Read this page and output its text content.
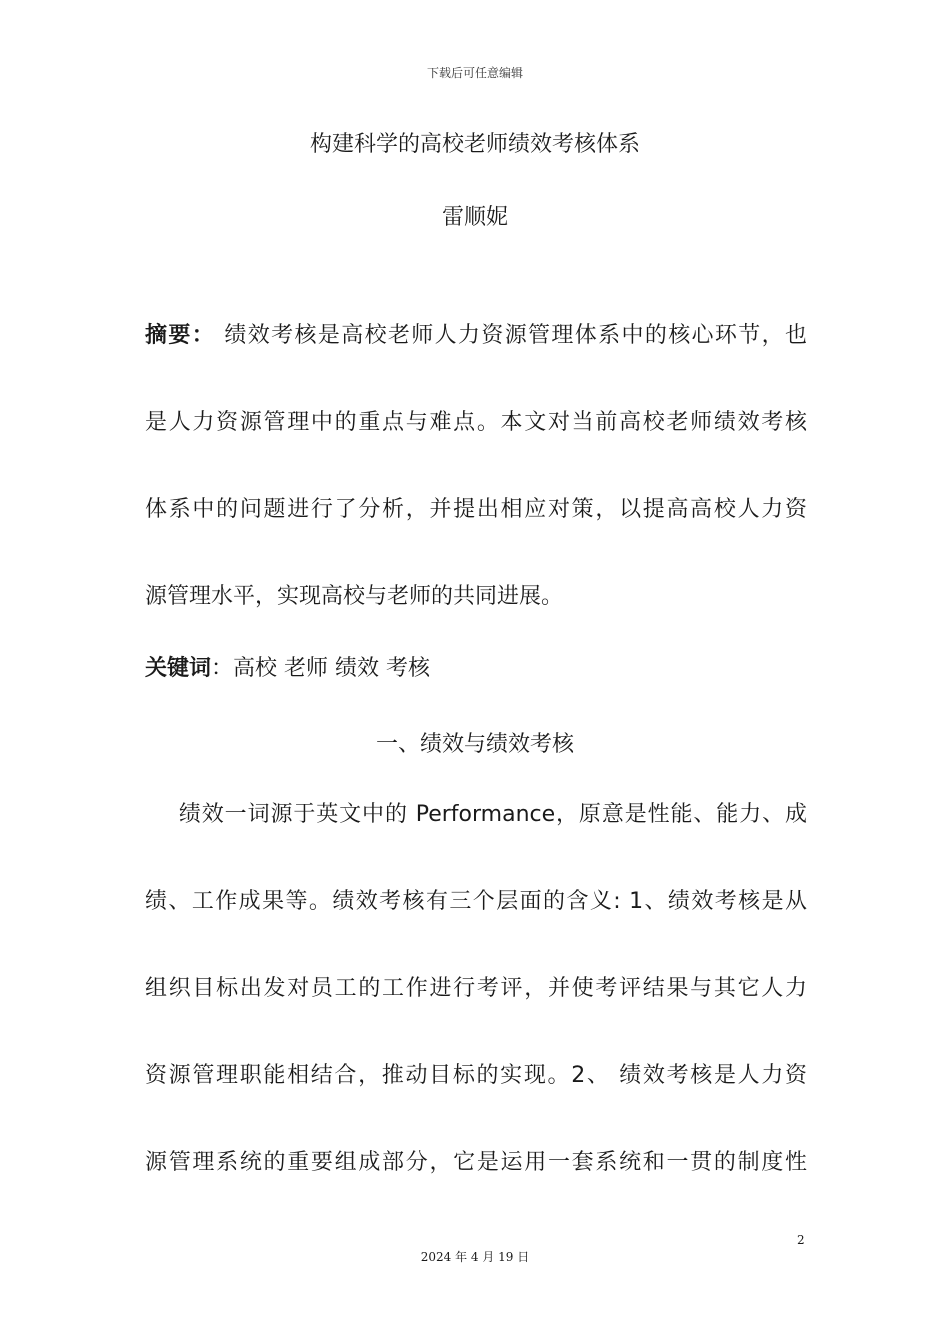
下载后可任意编辑
构建科学的高校老师绩效考核体系
雷顺妮
摘要： 绩效考核是高校老师人力资源管理体系中的核心环节，也
是人力资源管理中的重点与难点。本文对当前高校老师绩效考核
体系中的问题进行了分析，并提出相应对策，以提高高校人力资
源管理水平，实现高校与老师的共同进展。
关键词：高校 老师 绩效 考核
一、绩效与绩效考核
绩效一词源于英文中的 Performance，原意是性能、能力、成
绩、工作成果等。绩效考核有三个层面的含义: 1、绩效考核是从
组织目标出发对员工的工作进行考评，并使考评结果与其它人力
资源管理职能相结合，推动目标的实现。2、 绩效考核是人力资
源管理系统的重要组成部分，它是运用一套系统和一贯的制度性
2
2024 年 4 月 19 日
